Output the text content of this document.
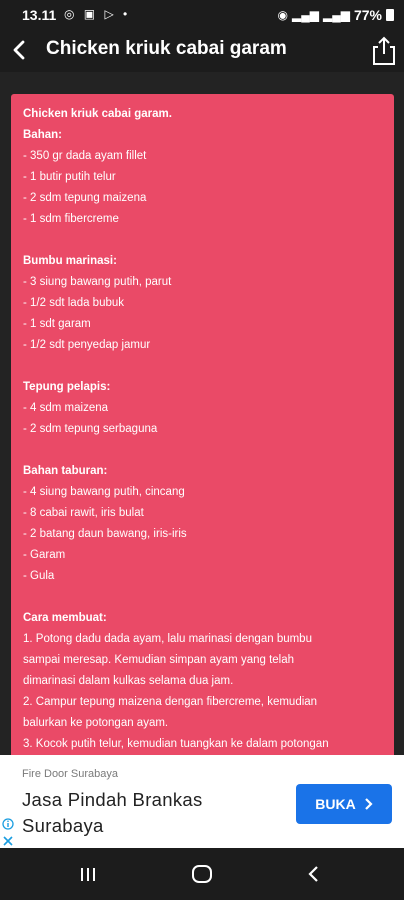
13.11 ◎ ▣ ▷ •	◉ ▂▄▆ ▂▄▆ 77%
Chicken kriuk cabai garam
Chicken kriuk cabai garam.
Bahan:
- 350 gr dada ayam fillet
- 1 butir putih telur
- 2 sdm tepung maizena
- 1 sdm fibercreme
Bumbu marinasi:
- 3 siung bawang putih, parut
- 1/2 sdt lada bubuk
- 1 sdt garam
- 1/2 sdt penyedap jamur
Tepung pelapis:
- 4 sdm maizena
- 2 sdm tepung serbaguna
Bahan taburan:
- 4 siung bawang putih, cincang
- 8 cabai rawit, iris bulat
- 2 batang daun bawang, iris-iris
- Garam
- Gula
Cara membuat:
1. Potong dadu dada ayam, lalu marinasi dengan bumbu
sampai meresap. Kemudian simpan ayam yang telah
dimarinasi dalam kulkas selama dua jam.
2. Campur tepung maizena dengan fibercreme, kemudian
balurkan ke potongan ayam.
3. Kocok putih telur, kemudian tuangkan ke dalam potongan
Fire Door Surabaya
Jasa Pindah Brankas Surabaya
BUKA
